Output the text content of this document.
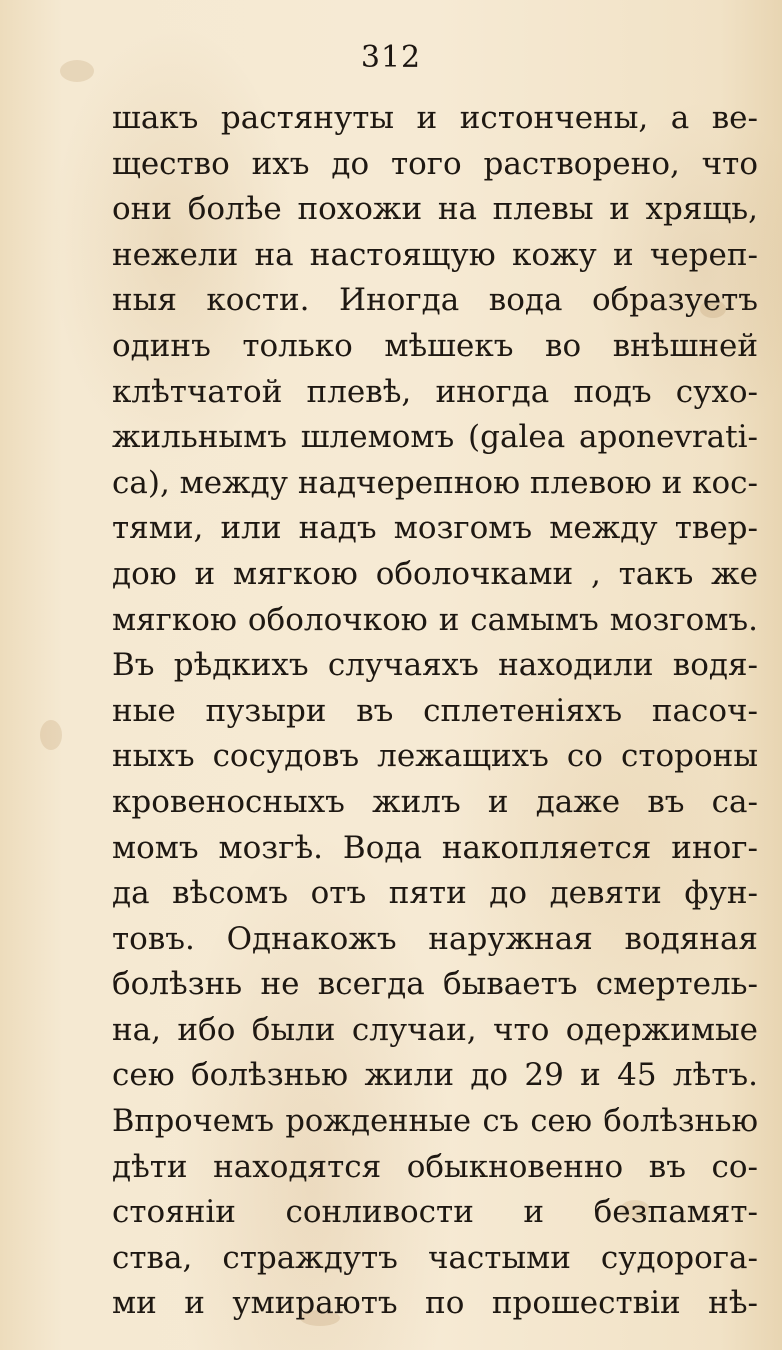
312
шакъ растянуты и истончены, а ве-
щество ихъ до того растворено, что
они болѣе похожи на плевы и хрящь,
нежели на настоящую кожу и череп-
ныя кости. Иногда вода образуетъ
одинъ только мѣшекъ во внѣшней
клѣтчатой плевѣ, иногда подъ сухо-
жильнымъ шлемомъ (galea aponevrati-
ca), между надчерепною плевою и кос-
тями, или надъ мозгомъ между твер-
дою и мягкою оболочками , такъ же
мягкою оболочкою и самымъ мозгомъ.
Въ рѣдкихъ случаяхъ находили водя-
ные пузыри въ сплетеніяхъ пасоч-
ныхъ сосудовъ лежащихъ со стороны
кровеносныхъ жилъ и даже въ са-
момъ мозгѣ. Вода накопляется иног-
да вѣсомъ отъ пяти до девяти фун-
товъ. Однакожъ наружная водяная
болѣзнь не всегда бываетъ смертель-
на, ибо были случаи, что одержимые
сею болѣзнью жили до 29 и 45 лѣтъ.
Впрочемъ рожденные съ сею болѣзнью
дѣти находятся обыкновенно въ со-
стояніи сонливости и безпамят-
ства, страждутъ частыми судорога-
ми и умираютъ по прошествіи нѣ-
